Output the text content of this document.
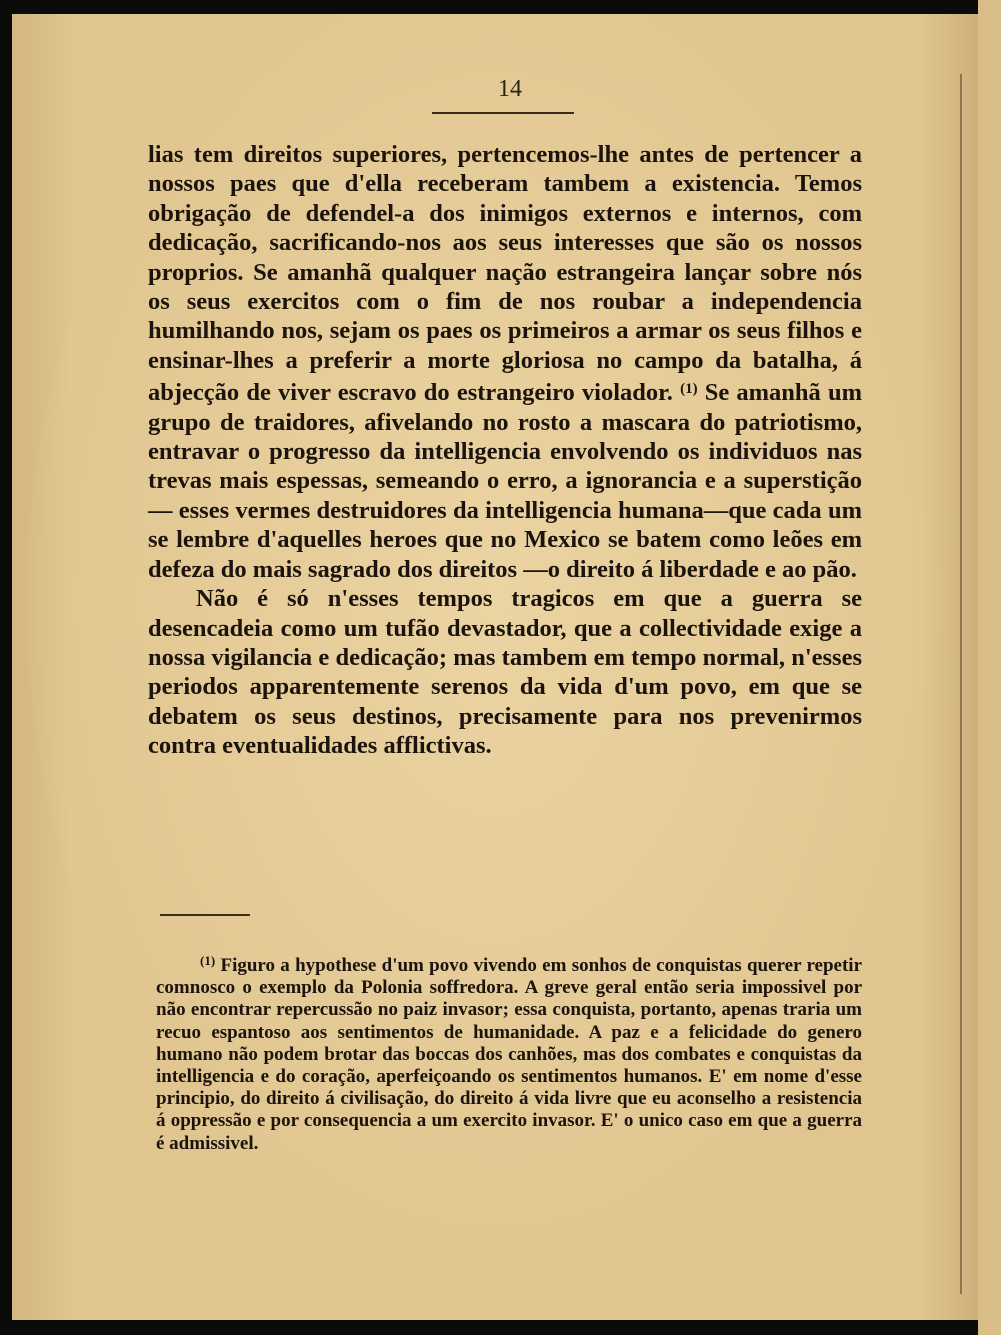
14

lias tem direitos superiores, pertencemos-lhe antes de pertencer a nossos paes que d'ella receberam tambem a existencia. Temos obrigação de defendel-a dos inimigos externos e internos, com dedicação, sacrificando-nos aos seus interesses que são os nossos proprios. Se amanhã qualquer nação estrangeira lançar sobre nós os seus exercitos com o fim de nos roubar a independencia humilhando nos, sejam os paes os primeiros a armar os seus filhos e ensinar-lhes a preferir a morte gloriosa no campo da batalha, á abjecção de viver escravo do estrangeiro violador. $^{(1)}$ Se amanhã um grupo de traidores, afivelando no rosto a mascara do patriotismo, entravar o progresso da intelligencia envolvendo os individuos nas trevas mais espessas, semeando o erro, a ignorancia e a superstição— esses vermes destruidores da intelligencia humana—que cada um se lembre d'aquelles heroes que no Mexico se batem como leões em defeza do mais sagrado dos direitos —o direito á liberdade e ao pão.

Não é só n'esses tempos tragicos em que a guerra se desencadeia como um tufão devastador, que a collectividade exige a nossa vigilancia e dedicação; mas tambem em tempo normal, n'esses periodos apparentemente serenos da vida d'um povo, em que se debatem os seus destinos, precisamente para nos prevenirmos contra eventualidades afflictivas.

$^{(1)}$ Figuro a hypothese d'um povo vivendo em sonhos de conquistas querer repetir comnosco o exemplo da Polonia soffredora. A greve geral então seria impossivel por não encontrar repercussão no paiz invasor; essa conquista, portanto, apenas traria um recuo espantoso aos sentimentos de humanidade. A paz e a felicidade do genero humano não podem brotar das boccas dos canhões, mas dos combates e conquistas da intelligencia e do coração, aperfeiçoando os sentimentos humanos. E' em nome d'esse principio, do direito á civilisação, do direito á vida livre que eu aconselho a resistencia á oppressão e por consequencia a um exercito invasor. E' o unico caso em que a guerra é admissivel.
